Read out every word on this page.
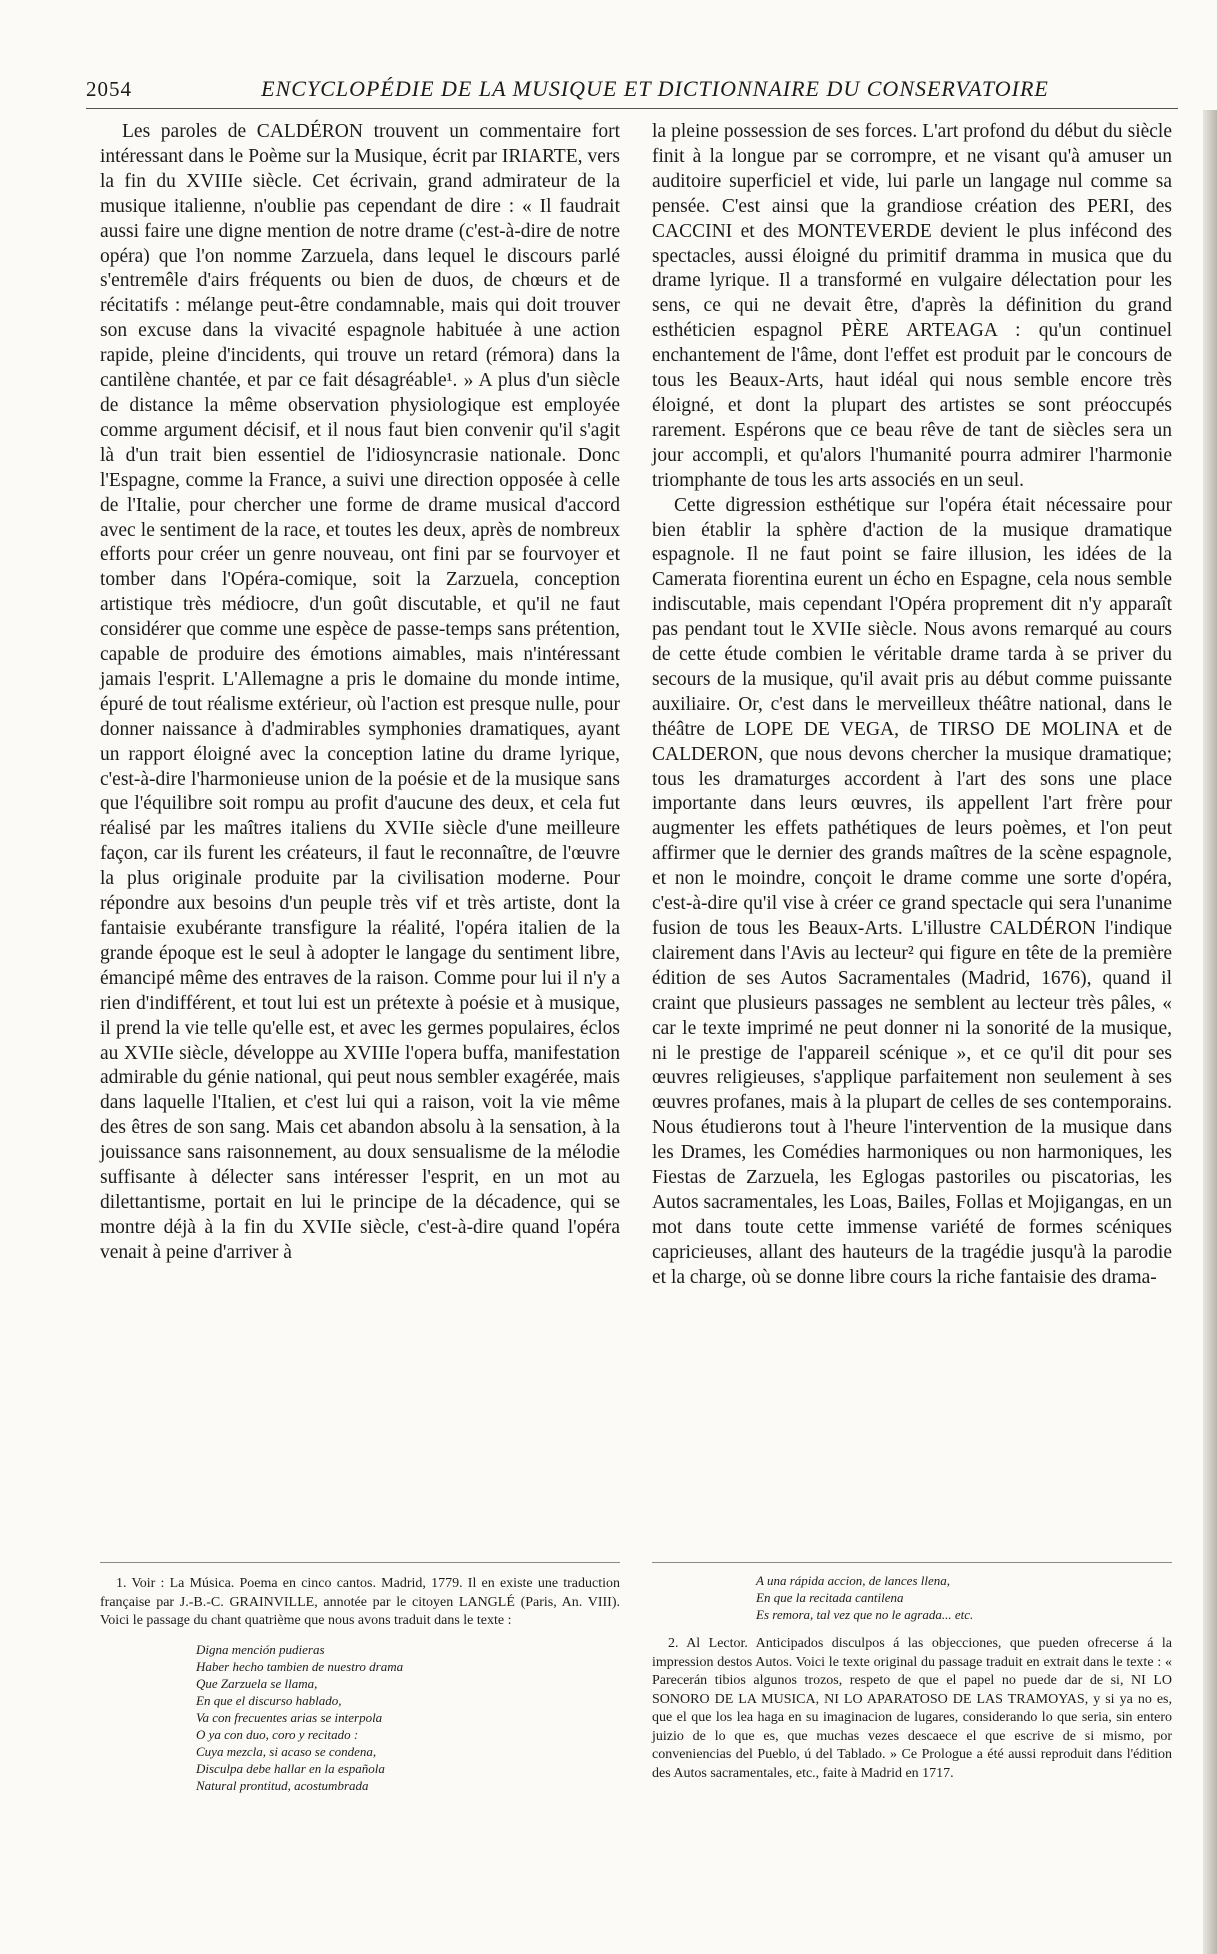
2054	ENCYCLOPÉDIE DE LA MUSIQUE ET DICTIONNAIRE DU CONSERVATOIRE

Les paroles de CALDÉRON trouvent un commentaire fort intéressant dans le Poème sur la Musique, écrit par IRIARTE, vers la fin du XVIIIe siècle. Cet écrivain, grand admirateur de la musique italienne, n'oublie pas cependant de dire : « Il faudrait aussi faire une digne mention de notre drame (c'est-à-dire de notre opéra) que l'on nomme Zarzuela, dans lequel le discours parlé s'entremêle d'airs fréquents ou bien de duos, de chœurs et de récitatifs : mélange peut-être condamnable, mais qui doit trouver son excuse dans la vivacité espagnole habituée à une action rapide, pleine d'incidents, qui trouve un retard (rémora) dans la cantilène chantée, et par ce fait désagréable¹. » A plus d'un siècle de distance la même observation physiologique est employée comme argument décisif, et il nous faut bien convenir qu'il s'agit là d'un trait bien essentiel de l'idiosyncrasie nationale. Donc l'Espagne, comme la France, a suivi une direction opposée à celle de l'Italie, pour chercher une forme de drame musical d'accord avec le sentiment de la race, et toutes les deux, après de nombreux efforts pour créer un genre nouveau, ont fini par se fourvoyer et tomber dans l'Opéra-comique, soit la Zarzuela, conception artistique très médiocre, d'un goût discutable, et qu'il ne faut considérer que comme une espèce de passe-temps sans prétention, capable de produire des émotions aimables, mais n'intéressant jamais l'esprit. L'Allemagne a pris le domaine du monde intime, épuré de tout réalisme extérieur, où l'action est presque nulle, pour donner naissance à d'admirables symphonies dramatiques, ayant un rapport éloigné avec la conception latine du drame lyrique, c'est-à-dire l'harmonieuse union de la poésie et de la musique sans que l'équilibre soit rompu au profit d'aucune des deux, et cela fut réalisé par les maîtres italiens du XVIIe siècle d'une meilleure façon, car ils furent les créateurs, il faut le reconnaître, de l'œuvre la plus originale produite par la civilisation moderne. Pour répondre aux besoins d'un peuple très vif et très artiste, dont la fantaisie exubérante transfigure la réalité, l'opéra italien de la grande époque est le seul à adopter le langage du sentiment libre, émancipé même des entraves de la raison. Comme pour lui il n'y a rien d'indifférent, et tout lui est un prétexte à poésie et à musique, il prend la vie telle qu'elle est, et avec les germes populaires, éclos au XVIIe siècle, développe au XVIIIe l'opera buffa, manifestation admirable du génie national, qui peut nous sembler exagérée, mais dans laquelle l'Italien, et c'est lui qui a raison, voit la vie même des êtres de son sang. Mais cet abandon absolu à la sensation, à la jouissance sans raisonnement, au doux sensualisme de la mélodie suffisante à délecter sans intéresser l'esprit, en un mot au dilettantisme, portait en lui le principe de la décadence, qui se montre déjà à la fin du XVIIe siècle, c'est-à-dire quand l'opéra venait à peine d'arriver à

la pleine possession de ses forces. L'art profond du début du siècle finit à la longue par se corrompre, et ne visant qu'à amuser un auditoire superficiel et vide, lui parle un langage nul comme sa pensée. C'est ainsi que la grandiose création des PERI, des CACCINI et des MONTEVERDE devient le plus infécond des spectacles, aussi éloigné du primitif dramma in musica que du drame lyrique. Il a transformé en vulgaire délectation pour les sens, ce qui ne devait être, d'après la définition du grand esthéticien espagnol PÈRE ARTEAGA : qu'un continuel enchantement de l'âme, dont l'effet est produit par le concours de tous les Beaux-Arts, haut idéal qui nous semble encore très éloigné, et dont la plupart des artistes se sont préoccupés rarement. Espérons que ce beau rêve de tant de siècles sera un jour accompli, et qu'alors l'humanité pourra admirer l'harmonie triomphante de tous les arts associés en un seul.

Cette digression esthétique sur l'opéra était nécessaire pour bien établir la sphère d'action de la musique dramatique espagnole. Il ne faut point se faire illusion, les idées de la Camerata fiorentina eurent un écho en Espagne, cela nous semble indiscutable, mais cependant l'Opéra proprement dit n'y apparaît pas pendant tout le XVIIe siècle. Nous avons remarqué au cours de cette étude combien le véritable drame tarda à se priver du secours de la musique, qu'il avait pris au début comme puissante auxiliaire. Or, c'est dans le merveilleux théâtre national, dans le théâtre de LOPE DE VEGA, de TIRSO DE MOLINA et de CALDERON, que nous devons chercher la musique dramatique; tous les dramaturges accordent à l'art des sons une place importante dans leurs œuvres, ils appellent l'art frère pour augmenter les effets pathétiques de leurs poèmes, et l'on peut affirmer que le dernier des grands maîtres de la scène espagnole, et non le moindre, conçoit le drame comme une sorte d'opéra, c'est-à-dire qu'il vise à créer ce grand spectacle qui sera l'unanime fusion de tous les Beaux-Arts. L'illustre CALDÉRON l'indique clairement dans l'Avis au lecteur² qui figure en tête de la première édition de ses Autos Sacramentales (Madrid, 1676), quand il craint que plusieurs passages ne semblent au lecteur très pâles, « car le texte imprimé ne peut donner ni la sonorité de la musique, ni le prestige de l'appareil scénique », et ce qu'il dit pour ses œuvres religieuses, s'applique parfaitement non seulement à ses œuvres profanes, mais à la plupart de celles de ses contemporains. Nous étudierons tout à l'heure l'intervention de la musique dans les Drames, les Comédies harmoniques ou non harmoniques, les Fiestas de Zarzuela, les Eglogas pastoriles ou piscatorias, les Autos sacramentales, les Loas, Bailes, Follas et Mojigangas, en un mot dans toute cette immense variété de formes scéniques capricieuses, allant des hauteurs de la tragédie jusqu'à la parodie et la charge, où se donne libre cours la riche fantaisie des drama-

1. Voir : La Música. Poema en cinco cantos. Madrid, 1779. Il en existe une traduction française par J.-B.-C. GRAINVILLE, annotée par le citoyen LANGLÉ (Paris, An. VIII). Voici le passage du chant quatrième que nous avons traduit dans le texte :

Digna mención pudieras
Haber hecho tambien de nuestro drama
Que Zarzuela se llama,
En que el discurso hablado,
Va con frecuentes arias se interpola
O ya con duo, coro y recitado :
Cuya mezcla, si acaso se condena,
Disculpa debe hallar en la española
Natural prontitud, acostumbrada
A una rápida accion, de lances llena,
En que la recitada cantilena
Es remora, tal vez que no le agrada... etc.

2. Al Lector. Anticipados disculpos á las objecciones, que pueden ofrecerse á la impression destos Autos. Voici le texte original du passage traduit en extrait dans le texte : « Parecerán tibios algunos trozos, respeto de que el papel no puede dar de si, NI LO SONORO DE LA MUSICA, NI LO APARATOSO DE LAS TRAMOYAS, y si ya no es, que el que los lea haga en su imaginacion de lugares, considerando lo que seria, sin entero juizio de lo que es, que muchas vezes descaece el que escrive de si mismo, por conveniencias del Pueblo, ú del Tablado. » Ce Prologue a été aussi reproduit dans l'édition des Autos sacramentales, etc., faite à Madrid en 1717.
